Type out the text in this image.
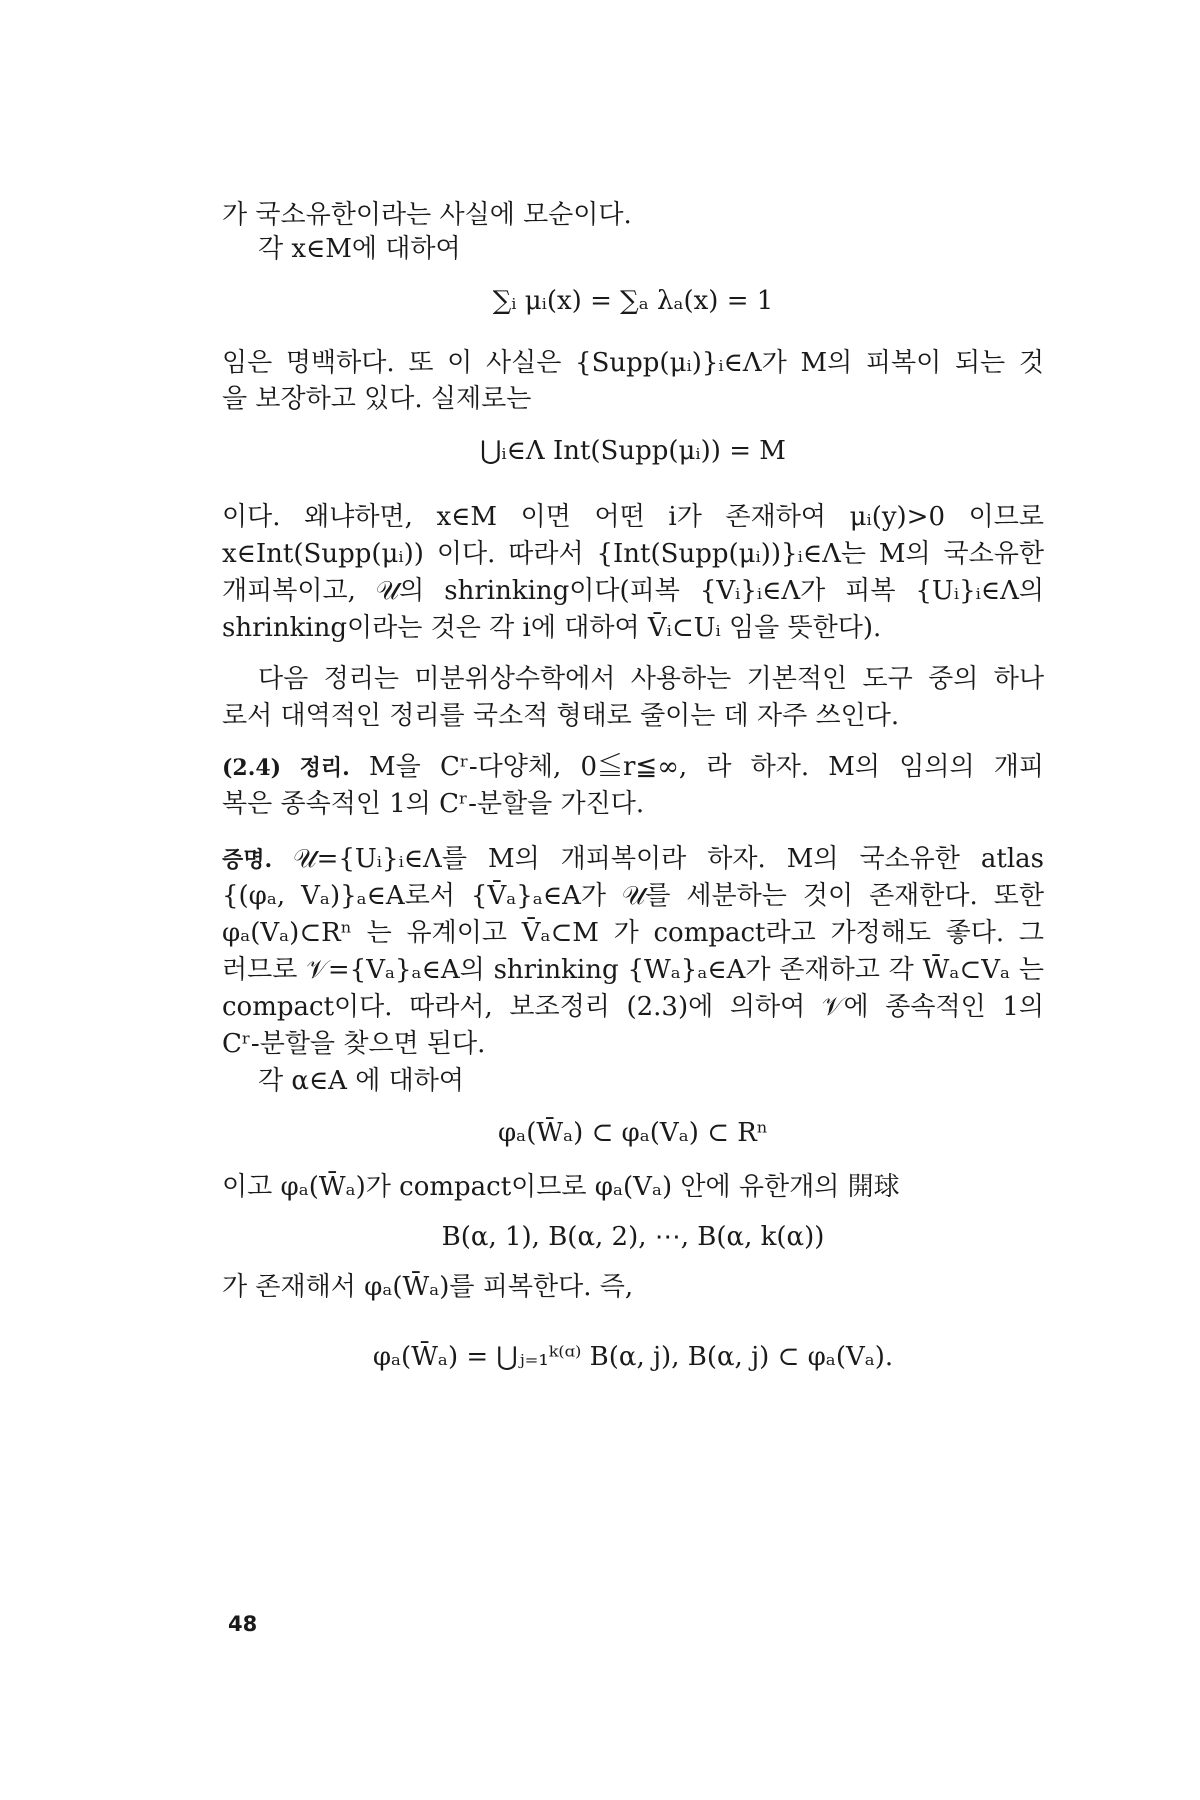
가 국소유한이라는 사실에 모순이다.
각 x∈M에 대하여
∑ᵢ μᵢ(x) = ∑ₐ λₐ(x) = 1
임은 명백하다. 또 이 사실은 {Supp(μᵢ)}ᵢ∈Λ가 M의 피복이 되는 것
을 보장하고 있다. 실제로는
⋃ᵢ∈Λ Int(Supp(μᵢ)) = M
이다. 왜냐하면, x∈M 이면 어떤 i가 존재하여 μᵢ(y)>0 이므로
x∈Int(Supp(μᵢ)) 이다. 따라서 {Int(Supp(μᵢ))}ᵢ∈Λ는 M의 국소유한
개피복이고, 𝒰의 shrinking이다(피복 {Vᵢ}ᵢ∈Λ가 피복 {Uᵢ}ᵢ∈Λ의
shrinking이라는 것은 각 i에 대하여 V̄ᵢ⊂Uᵢ 임을 뜻한다).
다음 정리는 미분위상수학에서 사용하는 기본적인 도구 중의 하나
로서 대역적인 정리를 국소적 형태로 줄이는 데 자주 쓰인다.
(2.4) 정리. M을 Cʳ-다양체, 0≦r≦∞, 라 하자. M의 임의의 개피
복은 종속적인 1의 Cʳ-분할을 가진다.
증명. 𝒰={Uᵢ}ᵢ∈Λ를 M의 개피복이라 하자. M의 국소유한 atlas
{(φₐ, Vₐ)}ₐ∈A로서 {V̄ₐ}ₐ∈A가 𝒰를 세분하는 것이 존재한다. 또한
φₐ(Vₐ)⊂Rⁿ 는 유계이고 V̄ₐ⊂M 가 compact라고 가정해도 좋다. 그
러므로 𝒱={Vₐ}ₐ∈A의 shrinking {Wₐ}ₐ∈A가 존재하고 각 W̄ₐ⊂Vₐ 는
compact이다. 따라서, 보조정리 (2.3)에 의하여 𝒱에 종속적인 1의
Cʳ-분할을 찾으면 된다.
각 α∈A 에 대하여
φₐ(W̄ₐ) ⊂ φₐ(Vₐ) ⊂ Rⁿ
이고 φₐ(W̄ₐ)가 compact이므로 φₐ(Vₐ) 안에 유한개의 開球
B(α, 1), B(α, 2), ⋯, B(α, k(α))
가 존재해서 φₐ(W̄ₐ)를 피복한다. 즉,
φₐ(W̄ₐ) = ⋃ⱼ₌₁ᵏ⁽ᵅ⁾ B(α, j), B(α, j) ⊂ φₐ(Vₐ).
48
